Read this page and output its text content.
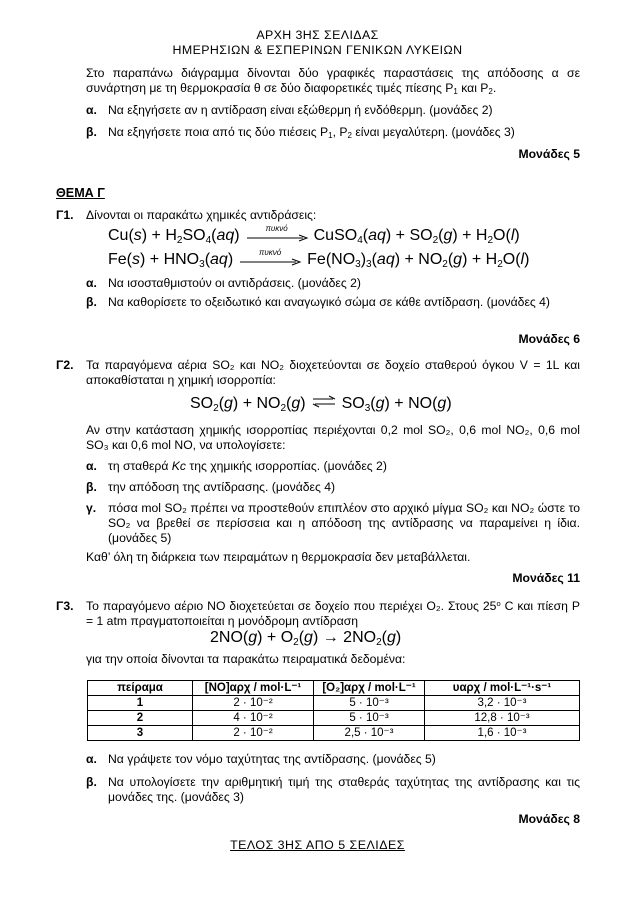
ΑΡΧΗ 3ΗΣ ΣΕΛΙΔΑΣ
ΗΜΕΡΗΣΙΩΝ & ΕΣΠΕΡΙΝΩΝ ΓΕΝΙΚΩΝ ΛΥΚΕΙΩΝ
Στο παραπάνω διάγραμμα δίνονται δύο γραφικές παραστάσεις της απόδοσης α σε συνάρτηση με τη θερμοκρασία θ σε δύο διαφορετικές τιμές πίεσης $P_1$ και $P_2$.
α. Να εξηγήσετε αν η αντίδραση είναι εξώθερμη ή ενδόθερμη. (μονάδες 2)
β. Να εξηγήσετε ποια από τις δύο πιέσεις $P_1$, $P_2$ είναι μεγαλύτερη. (μονάδες 3)
Μονάδες 5
ΘΕΜΑ Γ
Γ1. Δίνονται οι παρακάτω χημικές αντιδράσεις:
$Cu(s) + H_2SO_4(aq)$	πυκνό	CuSO$_4$(aq) + $SO_2(g) + H_2O(l)$
$Fe(s) + HNO_3(aq)$	πυκνό	$Fe(NO_3)_3(aq) + NO_2(g) + H_2O(l)$
α. Να ισοσταθμιστούν οι αντιδράσεις. (μονάδες 2)
β. Να καθορίσετε το οξειδωτικό και αναγωγικό σώμα σε κάθε αντίδραση. (μονάδες 4)
Μονάδες 6
Γ2. Τα παραγόμενα αέρια SO₂ και NO₂ διοχετεύονται σε δοχείο σταθερού όγκου V = 1L και αποκαθίσταται η χημική ισορροπία:
$SO_2(g) + NO_2(g)$ ⇌ $SO_3(g) + NO(g)$
Αν στην κατάσταση χημικής ισορροπίας περιέχονται 0,2 mol SO₂, 0,6 mol NO₂, 0,6 mol SO₃ και 0,6 mol NO, να υπολογίσετε:
α. τη σταθερά Kc της χημικής ισορροπίας. (μονάδες 2)
β. την απόδοση της αντίδρασης. (μονάδες 4)
γ. πόσα mol SO₂ πρέπει να προστεθούν επιπλέον στο αρχικό μίγμα SO₂ και NO₂ ώστε το SO₂ να βρεθεί σε περίσσεια και η απόδοση της αντίδρασης να παραμείνει η ίδια. (μονάδες 5)
Καθ’ όλη τη διάρκεια των πειραμάτων η θερμοκρασία δεν μεταβάλλεται.
Μονάδες 11
Γ3. Το παραγόμενο αέριο NO διοχετεύεται σε δοχείο που περιέχει O₂. Στους 25$^o$ C και πίεση P = 1 atm πραγματοποιείται η μονόδρομη αντίδραση
$2NO(g) + O_2(g) \to 2NO_2(g)$
για την οποία δίνονται τα παρακάτω πειραματικά δεδομένα:
πείραμα	[NO]αρχ / mol·L⁻¹	[O₂]αρχ / mol·L⁻¹	υαρχ / mol·L⁻¹·s⁻¹
1	2 · 10⁻²	5 · 10⁻³	3,2 · 10⁻³
2	4 · 10⁻²	5 · 10⁻³	12,8 · 10⁻³
3	2 · 10⁻²	2,5 · 10⁻³	1,6 · 10⁻³
α. Να γράψετε τον νόμο ταχύτητας της αντίδρασης. (μονάδες 5)
β. Να υπολογίσετε την αριθμητική τιμή της σταθεράς ταχύτητας της αντίδρασης και τις μονάδες της. (μονάδες 3)
Μονάδες 8
ΤΕΛΟΣ 3ΗΣ ΑΠΟ 5 ΣΕΛΙΔΕΣ
